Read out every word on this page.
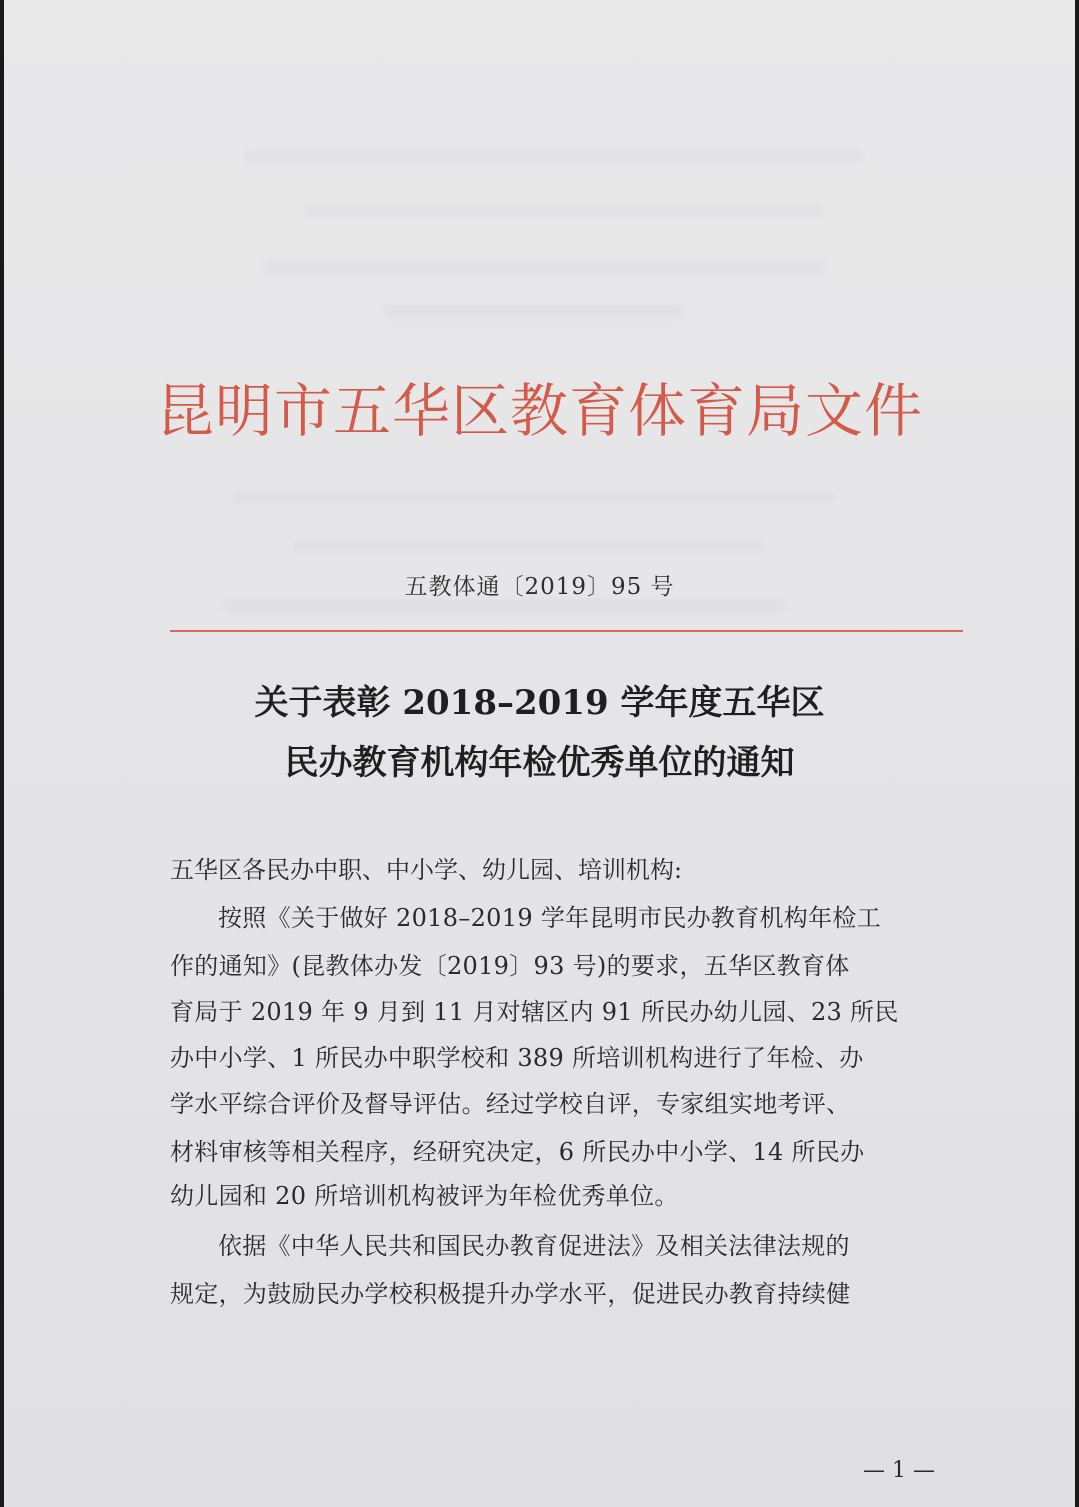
昆明市五华区教育体育局文件
五教体通〔2019〕95 号
关于表彰 2018–2019 学年度五华区
民办教育机构年检优秀单位的通知
五华区各民办中职、中小学、幼儿园、培训机构:
按照《关于做好 2018–2019 学年昆明市民办教育机构年检工
作的通知》(昆教体办发〔2019〕93 号)的要求，五华区教育体
育局于 2019 年 9 月到 11 月对辖区内 91 所民办幼儿园、23 所民
办中小学、1 所民办中职学校和 389 所培训机构进行了年检、办
学水平综合评价及督导评估。经过学校自评，专家组实地考评、
材料审核等相关程序，经研究决定，6 所民办中小学、14 所民办
幼儿园和 20 所培训机构被评为年检优秀单位。
依据《中华人民共和国民办教育促进法》及相关法律法规的
规定，为鼓励民办学校积极提升办学水平，促进民办教育持续健
— 1 —
